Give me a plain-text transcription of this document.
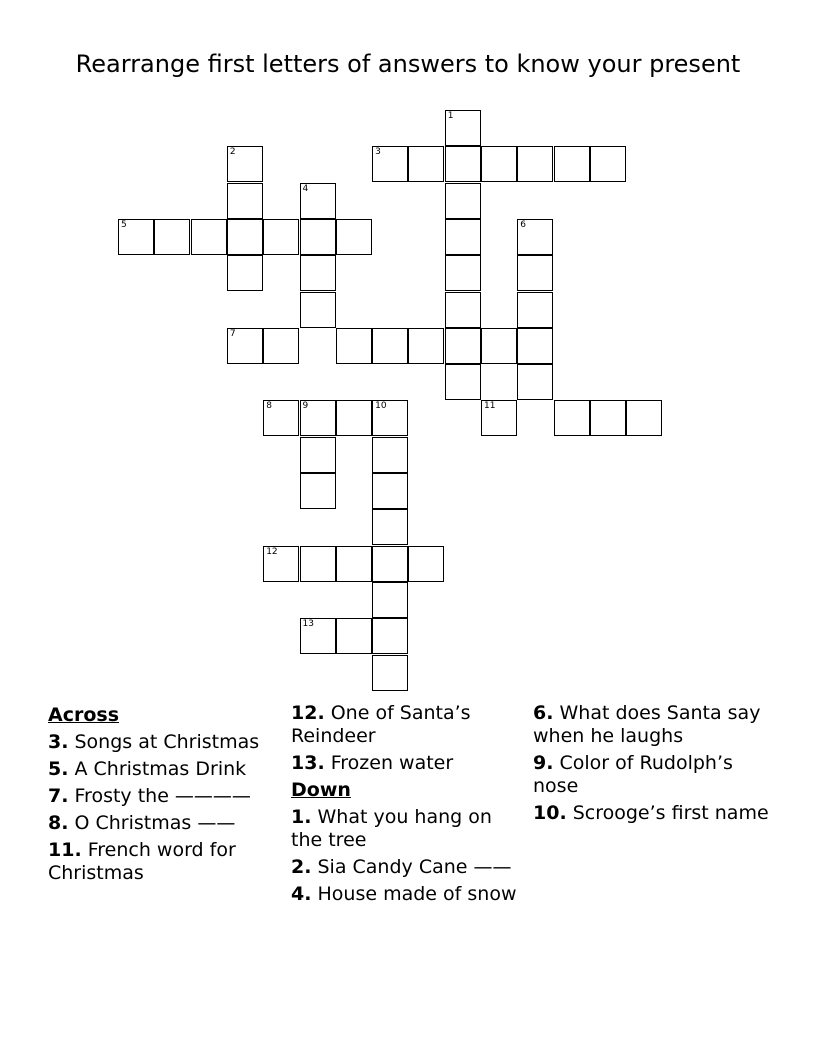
Rearrange first letters of answers to know your present
1
2	3
4
5	6
7
8	9	10	11
12
13
Across
3. Songs at Christmas
5. A Christmas Drink
7. Frosty the ————
8. O Christmas ——
11. French word for Christmas
12. One of Santa’s Reindeer
13. Frozen water
Down
1. What you hang on the tree
2. Sia Candy Cane ——
4. House made of snow
6. What does Santa say when he laughs
9. Color of Rudolph’s nose
10. Scrooge’s first name
